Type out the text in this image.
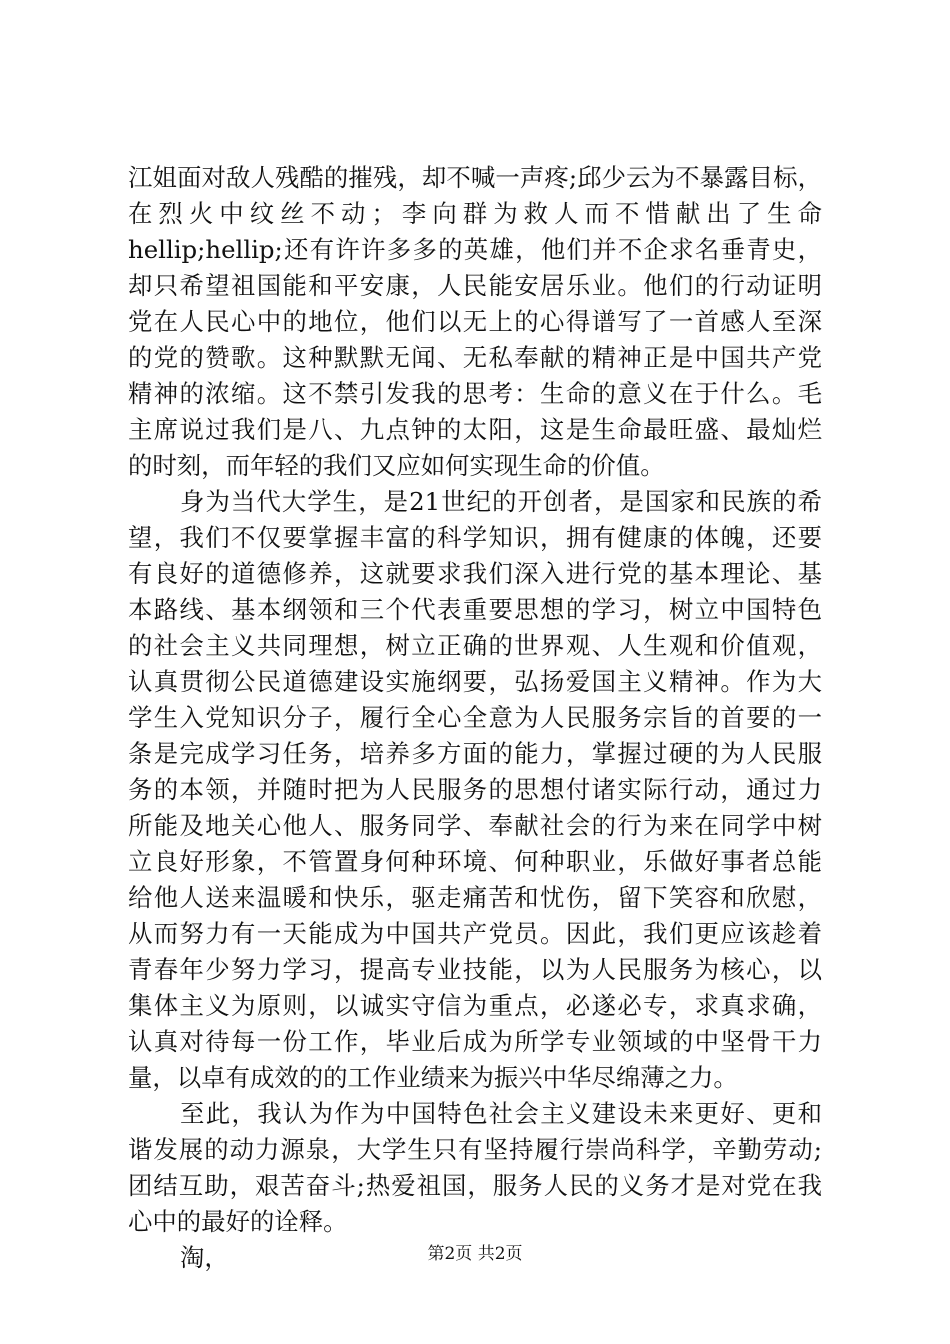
江姐面对敌人残酷的摧残，却不喊一声疼;邱少云为不暴露目标，
在烈火中纹丝不动；李向群为救人而不惜献出了生命
hellip;hellip;还有许许多多的英雄，他们并不企求名垂青史，
却只希望祖国能和平安康，人民能安居乐业。他们的行动证明
党在人民心中的地位，他们以无上的心得谱写了一首感人至深
的党的赞歌。这种默默无闻、无私奉献的精神正是中国共产党
精神的浓缩。这不禁引发我的思考：生命的意义在于什么。毛
主席说过我们是八、九点钟的太阳，这是生命最旺盛、最灿烂
的时刻，而年轻的我们又应如何实现生命的价值。
身为当代大学生，是21世纪的开创者，是国家和民族的希
望，我们不仅要掌握丰富的科学知识，拥有健康的体魄，还要
有良好的道德修养，这就要求我们深入进行党的基本理论、基
本路线、基本纲领和三个代表重要思想的学习，树立中国特色
的社会主义共同理想，树立正确的世界观、人生观和价值观，
认真贯彻公民道德建设实施纲要，弘扬爱国主义精神。作为大
学生入党知识分子，履行全心全意为人民服务宗旨的首要的一
条是完成学习任务，培养多方面的能力，掌握过硬的为人民服
务的本领，并随时把为人民服务的思想付诸实际行动，通过力
所能及地关心他人、服务同学、奉献社会的行为来在同学中树
立良好形象，不管置身何种环境、何种职业，乐做好事者总能
给他人送来温暖和快乐，驱走痛苦和忧伤，留下笑容和欣慰，
从而努力有一天能成为中国共产党员。因此，我们更应该趁着
青春年少努力学习，提高专业技能，以为人民服务为核心，以
集体主义为原则，以诚实守信为重点，必遂必专，求真求确，
认真对待每一份工作，毕业后成为所学专业领域的中坚骨干力
量，以卓有成效的的工作业绩来为振兴中华尽绵薄之力。
至此，我认为作为中国特色社会主义建设未来更好、更和
谐发展的动力源泉，大学生只有坚持履行崇尚科学，辛勤劳动;
团结互助，艰苦奋斗;热爱祖国，服务人民的义务才是对党在我
心中的最好的诠释。
淘，	第2页 共2页
